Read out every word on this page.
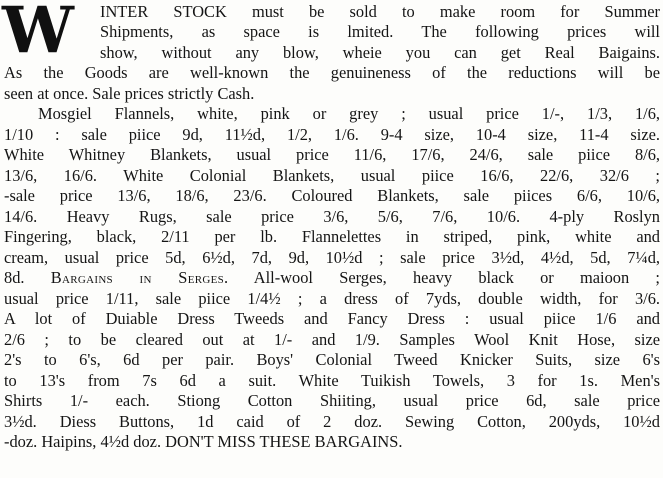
W INTER STOCK must be sold to make room for Summer
Shipments, as space is lmited. The following prices will
show, without any blow, wheie you can get Real Baigains.
As the Goods are well-known the genuineness of the reductions will be
seen at once. Sale prices strictly Cash.
Mosgiel Flannels, white, pink or grey ; usual price 1/-, 1/3, 1/6,
1/10 : sale piice 9d, 11½d, 1/2, 1/6. 9-4 size, 10-4 size, 11-4 size.
White Whitney Blankets, usual price 11/6, 17/6, 24/6, sale piice 8/6,
13/6, 16/6. White Colonial Blankets, usual piice 16/6, 22/6, 32/6 ;
-sale price 13/6, 18/6, 23/6. Coloured Blankets, sale piices 6/6, 10/6,
14/6. Heavy Rugs, sale price 3/6, 5/6, 7/6, 10/6. 4-ply Roslyn
Fingering, black, 2/11 per lb. Flannelettes in striped, pink, white and
cream, usual price 5d, 6½d, 7d, 9d, 10½d ; sale price 3½d, 4½d, 5d, 7¼d,
8d. Bargains in Serges. All-wool Serges, heavy black or maioon ;
usual price 1/11, sale piice 1/4½ ; a dress of 7yds, double width, for 3/6.
A lot of Duiable Dress Tweeds and Fancy Dress : usual piice 1/6 and
2/6 ; to be cleared out at 1/- and 1/9. Samples Wool Knit Hose, size
2's to 6's, 6d per pair. Boys' Colonial Tweed Knicker Suits, size 6's
to 13's from 7s 6d a suit. White Tuikish Towels, 3 for 1s. Men's
Shirts 1/- each. Stiong Cotton Shiiting, usual price 6d, sale price
3½d. Diess Buttons, 1d caid of 2 doz. Sewing Cotton, 200yds, 10½d
-doz. Haipins, 4½d doz. DON'T MISS THESE BARGAINS.
